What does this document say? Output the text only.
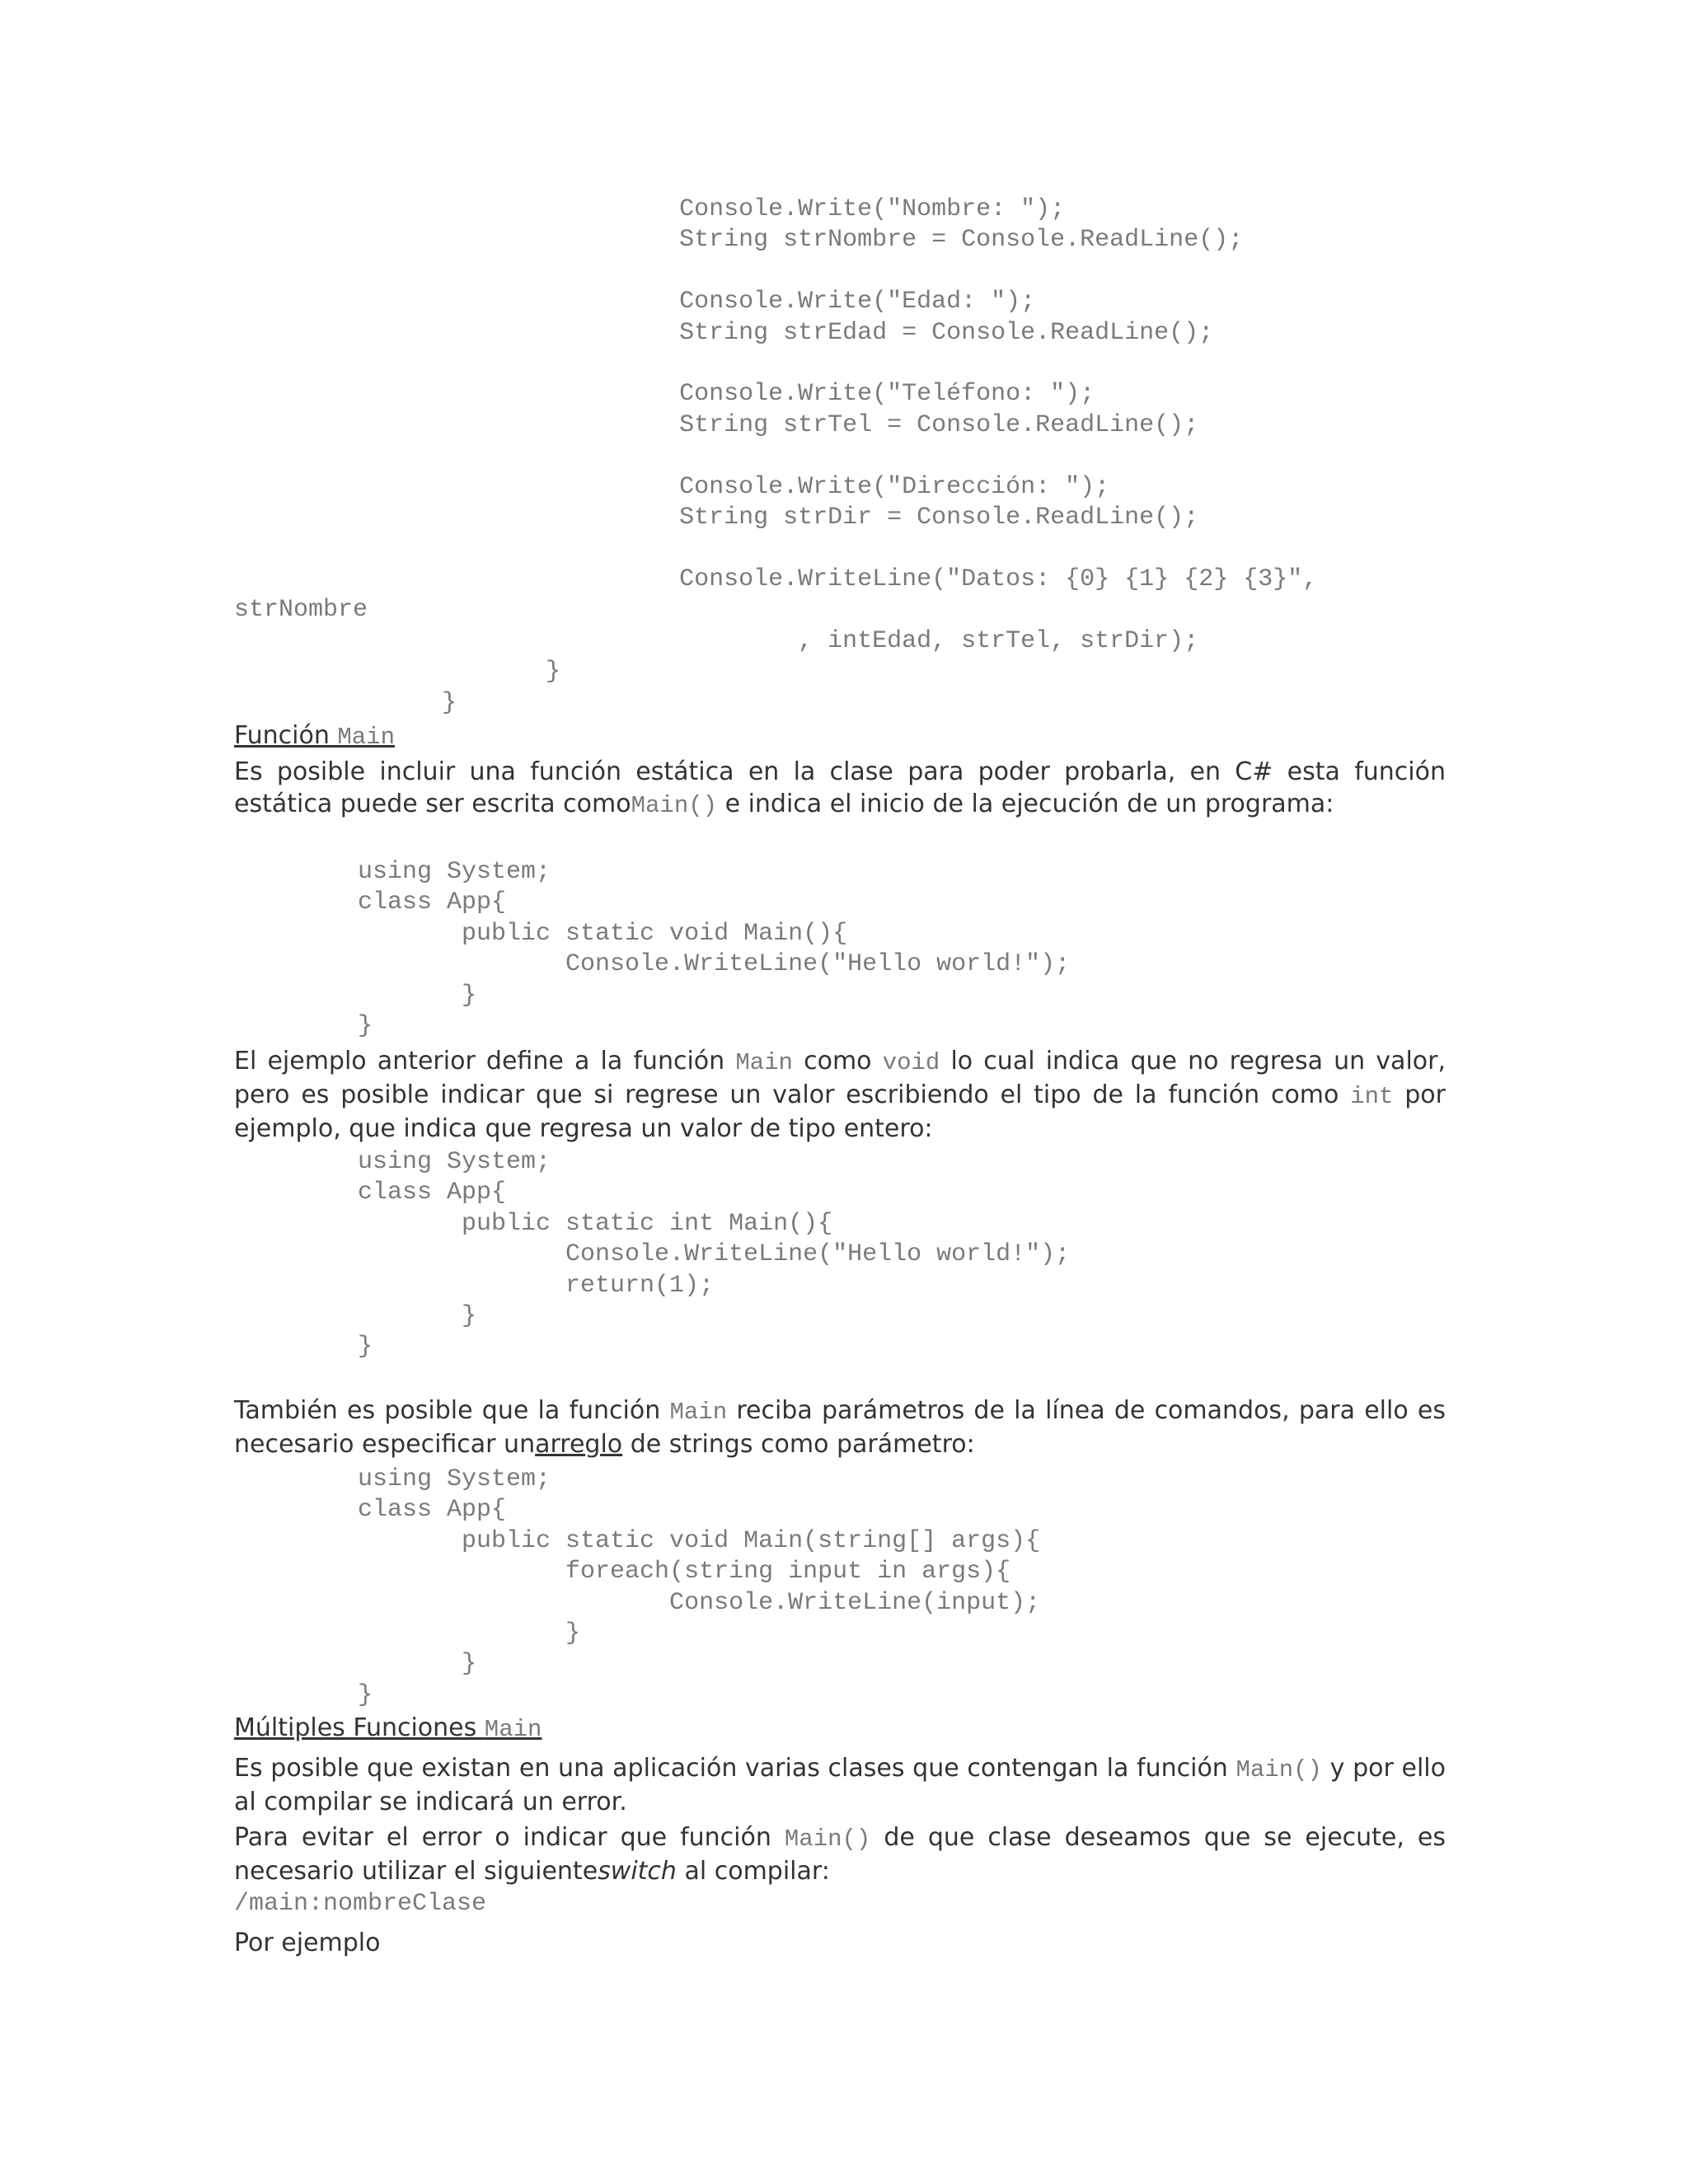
Console.Write("Nombre: ");
String strNombre = Console.ReadLine();

Console.Write("Edad: ");
String strEdad = Console.ReadLine();

Console.Write("Teléfono: ");
String strTel = Console.ReadLine();

Console.Write("Dirección: ");
String strDir = Console.ReadLine();

Console.WriteLine("Datos: {0} {1} {2} {3}",
strNombre
, intEdad, strTel, strDir);
}
}

Función Main

Es posible incluir una función estática en la clase para poder probarla, en C# esta función estática puede ser escrita comoMain() e indica el inicio de la ejecución de un programa:

using System;
class App{
public static void Main(){
Console.WriteLine("Hello world!");
}
}

El ejemplo anterior define a la función Main como void lo cual indica que no regresa un valor, pero es posible indicar que si regrese un valor escribiendo el tipo de la función como int por ejemplo, que indica que regresa un valor de tipo entero:

using System;
class App{
public static int Main(){
Console.WriteLine("Hello world!");
return(1);
}
}

También es posible que la función Main reciba parámetros de la línea de comandos, para ello es necesario especificar unarreglo de strings como parámetro:

using System;
class App{
public static void Main(string[] args){
foreach(string input in args){
Console.WriteLine(input);
}
}
}

Múltiples Funciones Main

Es posible que existan en una aplicación varias clases que contengan la función Main() y por ello al compilar se indicará un error.

Para evitar el error o indicar que función Main() de que clase deseamos que se ejecute, es necesario utilizar el siguienteswitch al compilar:

/main:nombreClase

Por ejemplo
